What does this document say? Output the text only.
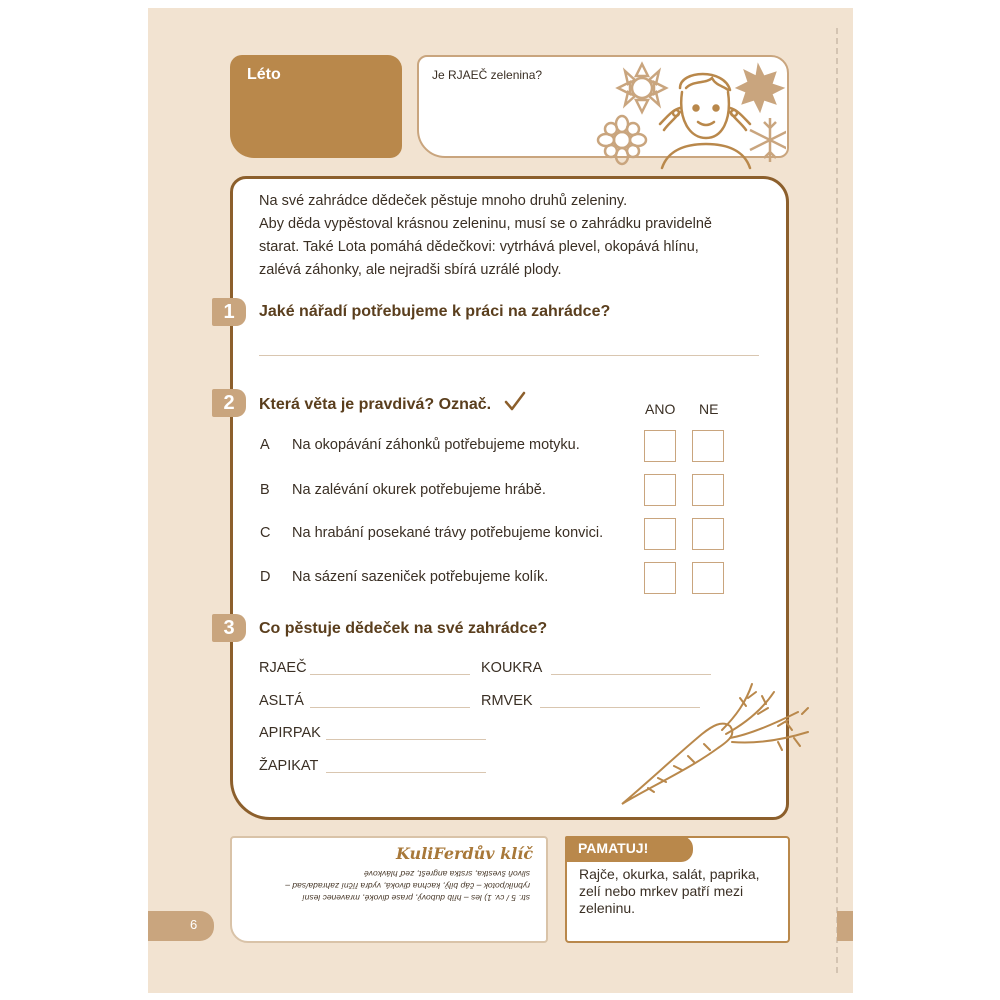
Léto	Je RJAEČ zelenina?
Na své zahrádce dědeček pěstuje mnoho druhů zeleniny.
Aby děda vypěstoval krásnou zeleninu, musí se o zahrádku pravidelně
starat. Také Lota pomáhá dědečkovi: vytrhává plevel, okopává hlínu,
zalévá záhonky, ale nejradši sbírá uzrálé plody.
1	Jaké nářadí potřebujeme k práci na zahrádce?
2	Která věta je pravdivá? Označ.	ANO NE
A Na okopávání záhonků potřebujeme motyku.
B Na zalévání okurek potřebujeme hrábě.
C Na hrabání posekané trávy potřebujeme konvici.
D Na sázení sazeniček potřebujeme kolík.
3	Co pěstuje dědeček na své zahrádce?
RJAEČ	KOUKRA
ASLTÁ	RMVEK
APIRPAK
ŽAPIKAT
KuliFerdův klíč
str. 5 / cv. 1) les – hřib dubový, prase divoké, mravenec lesní rybník/potok – čáp bílý, kachna divoká, vydra říční zahrada/sad – slivoň švestka, srstka angrešt, zeď hlávkové
PAMATUJ!
Rajče, okurka, salát, paprika, zelí nebo mrkev patří mezi zeleninu.
6
